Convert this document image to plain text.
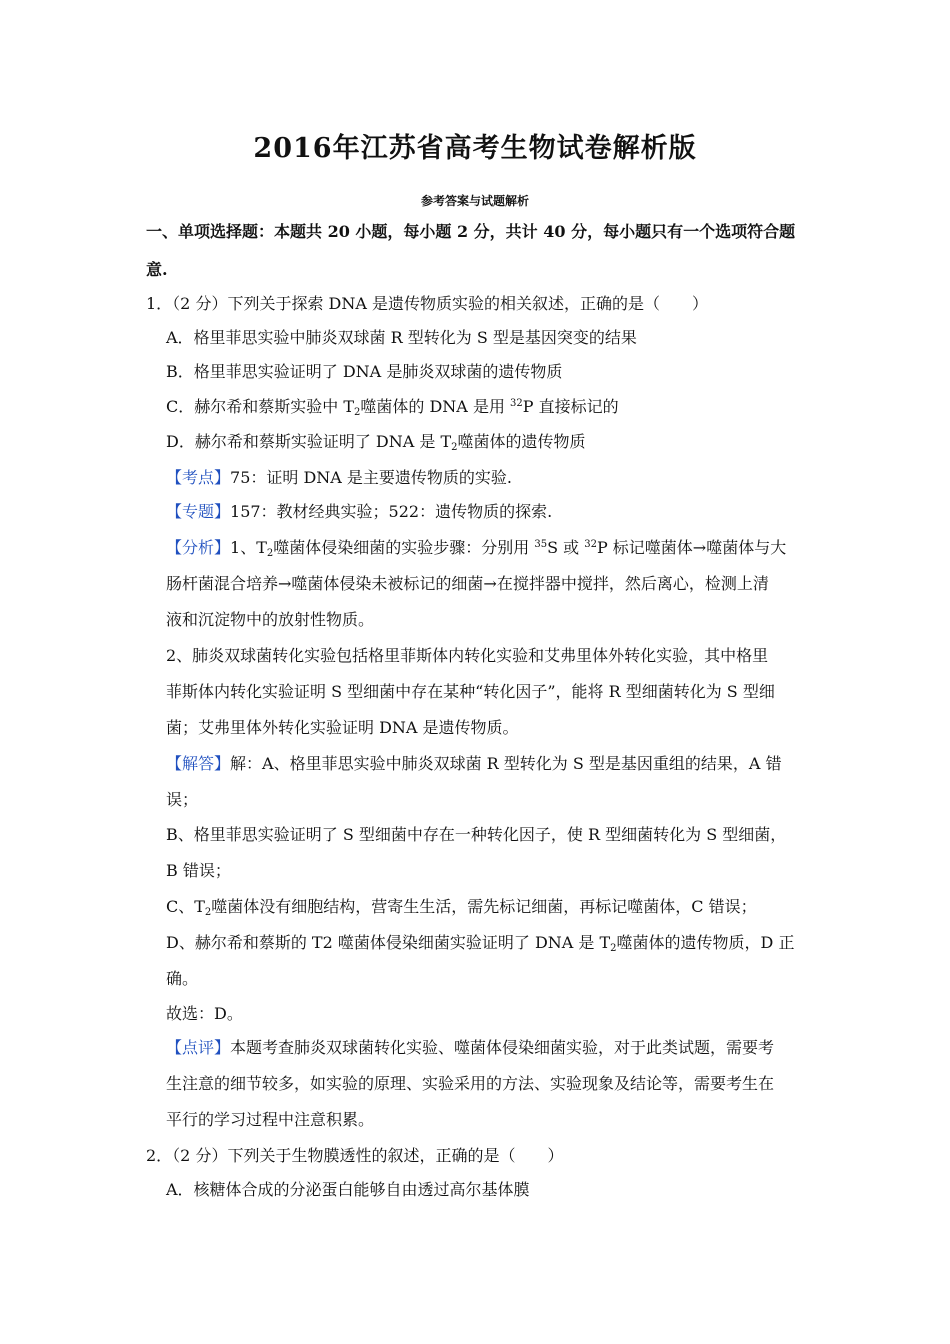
2016年江苏省高考生物试卷解析版
参考答案与试题解析
一、单项选择题：本题共 20 小题，每小题 2 分，共计 40 分，每小题只有一个选项符合题
意.
1．（2 分）下列关于探索 DNA 是遗传物质实验的相关叙述，正确的是（　　）
A．格里菲思实验中肺炎双球菌 R 型转化为 S 型是基因突变的结果
B．格里菲思实验证明了 DNA 是肺炎双球菌的遗传物质
C．赫尔希和蔡斯实验中 $T_2$噬菌体的 DNA 是用 $^{32}$P 直接标记的
D．赫尔希和蔡斯实验证明了 DNA 是 $T_2$噬菌体的遗传物质
【考点】75：证明 DNA 是主要遗传物质的实验.
【专题】157：教材经典实验；522：遗传物质的探索.
【分析】1、$T_2$噬菌体侵染细菌的实验步骤：分别用 $^{35}$S 或 $^{32}$P 标记噬菌体→噬菌体与大
肠杆菌混合培养→噬菌体侵染未被标记的细菌→在搅拌器中搅拌，然后离心，检测上清
液和沉淀物中的放射性物质。
2、肺炎双球菌转化实验包括格里菲斯体内转化实验和艾弗里体外转化实验，其中格里
菲斯体内转化实验证明 S 型细菌中存在某种“转化因子”，能将 R 型细菌转化为 S 型细
菌；艾弗里体外转化实验证明 DNA 是遗传物质。
【解答】解：A、格里菲思实验中肺炎双球菌 R 型转化为 S 型是基因重组的结果，A 错
误；
B、格里菲思实验证明了 S 型细菌中存在一种转化因子，使 R 型细菌转化为 S 型细菌，
B 错误；
C、$T_2$噬菌体没有细胞结构，营寄生生活，需先标记细菌，再标记噬菌体，C 错误；
D、赫尔希和蔡斯的 T2 噬菌体侵染细菌实验证明了 DNA 是 $T_2$噬菌体的遗传物质，D 正
确。
故选：D。
【点评】本题考查肺炎双球菌转化实验、噬菌体侵染细菌实验，对于此类试题，需要考
生注意的细节较多，如实验的原理、实验采用的方法、实验现象及结论等，需要考生在
平行的学习过程中注意积累。
2．（2 分）下列关于生物膜透性的叙述，正确的是（　　）
A．核糖体合成的分泌蛋白能够自由透过高尔基体膜
